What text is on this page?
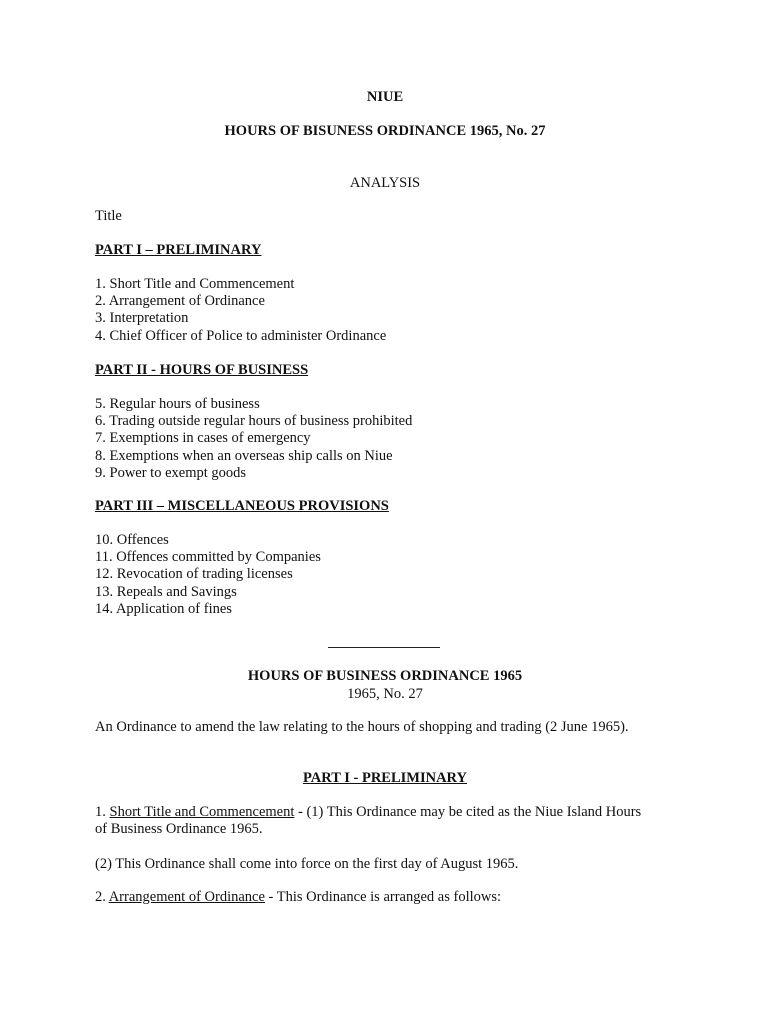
NIUE
HOURS OF BISUNESS ORDINANCE 1965, No. 27
ANALYSIS
Title
PART I – PRELIMINARY
1. Short Title and Commencement
2. Arrangement of Ordinance
3. Interpretation
4. Chief Officer of Police to administer Ordinance
PART II - HOURS OF BUSINESS
5. Regular hours of business
6. Trading outside regular hours of business prohibited
7. Exemptions in cases of emergency
8. Exemptions when an overseas ship calls on Niue
9. Power to exempt goods
PART III – MISCELLANEOUS PROVISIONS
10. Offences
11. Offences committed by Companies
12. Revocation of trading licenses
13. Repeals and Savings
14. Application of fines
HOURS OF BUSINESS ORDINANCE 1965
1965, No. 27
An Ordinance to amend the law relating to the hours of shopping and trading (2 June 1965).
PART I - PRELIMINARY
1. Short Title and Commencement - (1) This Ordinance may be cited as the Niue Island Hours of Business Ordinance 1965.
(2) This Ordinance shall come into force on the first day of August 1965.
2. Arrangement of Ordinance - This Ordinance is arranged as follows:
